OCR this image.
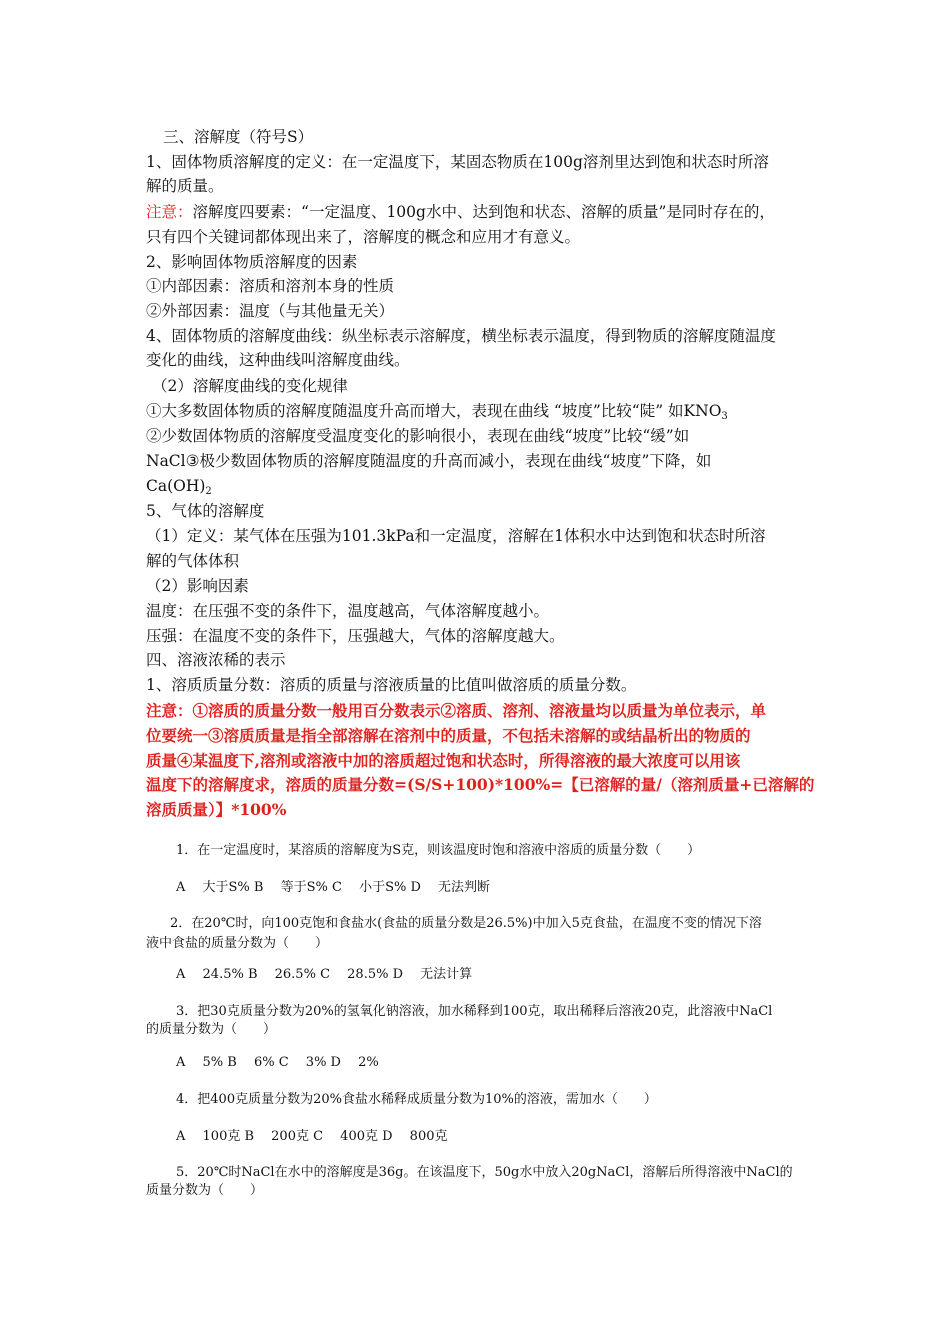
三、溶解度（符号S）
1、固体物质溶解度的定义：在一定温度下，某固态物质在100g溶剂里达到饱和状态时所溶
解的质量。
注意：溶解度四要素：“一定温度、100g水中、达到饱和状态、溶解的质量”是同时存在的，
只有四个关键词都体现出来了，溶解度的概念和应用才有意义。
2、影响固体物质溶解度的因素
①内部因素：溶质和溶剂本身的性质
②外部因素：温度（与其他量无关）
4、固体物质的溶解度曲线：纵坐标表示溶解度，横坐标表示温度，得到物质的溶解度随温度
变化的曲线，这种曲线叫溶解度曲线。
（2）溶解度曲线的变化规律
①大多数固体物质的溶解度随温度升高而增大，表现在曲线 “坡度”比较“陡” 如$KNO_3$
②少数固体物质的溶解度受温度变化的影响很小，表现在曲线“坡度”比较“缓”如
NaCl③极少数固体物质的溶解度随温度的升高而减小，表现在曲线“坡度”下降，如
$Ca(OH)_2$
5、气体的溶解度
（1）定义：某气体在压强为101.3kPa和一定温度，溶解在1体积水中达到饱和状态时所溶
解的气体体积
（2）影响因素
温度：在压强不变的条件下，温度越高，气体溶解度越小。
压强：在温度不变的条件下，压强越大，气体的溶解度越大。
四、溶液浓稀的表示
1、溶质质量分数：溶质的质量与溶液质量的比值叫做溶质的质量分数。
注意：①溶质的质量分数一般用百分数表示②溶质、溶剂、溶液量均以质量为单位表示，单
位要统一③溶质质量是指全部溶解在溶剂中的质量，不包括未溶解的或结晶析出的物质的
质量④某温度下,溶剂或溶液中加的溶质超过饱和状态时，所得溶液的最大浓度可以用该
温度下的溶解度求，溶质的质量分数=(S/S+100)*100%=【已溶解的量/（溶剂质量+已溶解的
溶质质量）】*100%
1．在一定温度时，某溶质的溶解度为S克，则该温度时饱和溶液中溶质的质量分数（　　）
A　 大于S% B　 等于S% C　 小于S% D　 无法判断
2．在20℃时，向100克饱和食盐水(食盐的质量分数是26.5%)中加入5克食盐，在温度不变的情况下溶
液中食盐的质量分数为（　　）
A　 24.5% B　 26.5% C　 28.5% D　 无法计算
3．把30克质量分数为20%的氢氧化钠溶液，加水稀释到100克，取出稀释后溶液20克，此溶液中NaCl
的质量分数为（　　）
A　 5% B　 6% C　 3% D　 2%
4．把400克质量分数为20%食盐水稀释成质量分数为10%的溶液，需加水（　　）
A　 100克 B　 200克 C　 400克 D　 800克
5．20℃时NaCl在水中的溶解度是36g。在该温度下，50g水中放入20gNaCl，溶解后所得溶液中NaCl的
质量分数为（　　）
